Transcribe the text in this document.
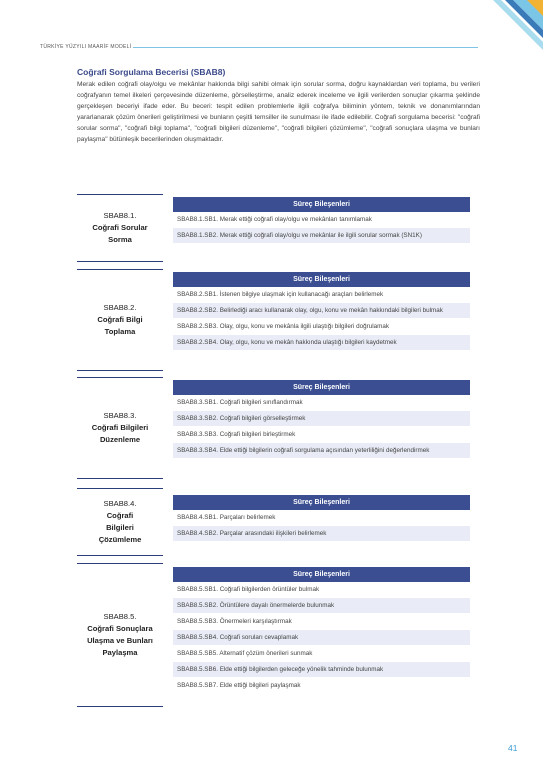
TÜRKİYE YÜZYILI MAARİF MODELİ
Coğrafi Sorgulama Becerisi (SBAB8)
Merak edilen coğrafi olay/olgu ve mekânlar hakkında bilgi sahibi olmak için sorular sorma, doğru kaynaklardan veri toplama, bu verileri coğrafyanın temel ilkeleri çerçevesinde düzenleme, görselleştirme, analiz ederek inceleme ve ilgili verilerden sonuçlar çıkarma şeklinde gerçekleşen beceriyi ifade eder. Bu beceri: tespit edilen problemlerle ilgili coğrafya biliminin yöntem, teknik ve donanımlarından yararlanarak çözüm önerileri geliştirilmesi ve bunların çeşitli temsiller ile sunulması ile ifade edilebilir. Coğrafi sorgulama becerisi: "coğrafi sorular sorma", "coğrafi bilgi toplama", "coğrafi bilgileri düzenleme", "coğrafi bilgileri çözümleme", "coğrafi sonuçlara ulaşma ve bunları paylaşma" bütünleşik becerilerinden oluşmaktadır.
SBAB8.1.
Coğrafi Sorular Sorma
Süreç Bileşenleri
SBAB8.1.SB1. Merak ettiği coğrafi olay/olgu ve mekânları tanımlamak
SBAB8.1.SB2. Merak ettiği coğrafi olay/olgu ve mekânlar ile ilgili sorular sormak (SN1K)
SBAB8.2.
Coğrafi Bilgi Toplama
Süreç Bileşenleri
SBAB8.2.SB1. İstenen bilgiye ulaşmak için kullanacağı araçları belirlemek
SBAB8.2.SB2. Belirlediği aracı kullanarak olay, olgu, konu ve mekân hakkındaki bilgileri bulmak
SBAB8.2.SB3. Olay, olgu, konu ve mekânla ilgili ulaştığı bilgileri doğrulamak
SBAB8.2.SB4. Olay, olgu, konu ve mekân hakkında ulaştığı bilgileri kaydetmek
SBAB8.3.
Coğrafi Bilgileri Düzenleme
Süreç Bileşenleri
SBAB8.3.SB1. Coğrafi bilgileri sınıflandırmak
SBAB8.3.SB2. Coğrafi bilgileri görselleştirmek
SBAB8.3.SB3. Coğrafi bilgileri birleştirmek
SBAB8.3.SB4. Elde ettiği bilgilerin coğrafi sorgulama açısından yeterliliğini değerlendirmek
SBAB8.4.
Coğrafi Bilgileri Çözümleme
Süreç Bileşenleri
SBAB8.4.SB1. Parçaları belirlemek
SBAB8.4.SB2. Parçalar arasındaki ilişkileri belirlemek
SBAB8.5.
Coğrafi Sonuçlara Ulaşma ve Bunları Paylaşma
Süreç Bileşenleri
SBAB8.5.SB1. Coğrafi bilgilerden örüntüler bulmak
SBAB8.5.SB2. Örüntülere dayalı önermelerde bulunmak
SBAB8.5.SB3. Önermeleri karşılaştırmak
SBAB8.5.SB4. Coğrafi soruları cevaplamak
SBAB8.5.SB5. Alternatif çözüm önerileri sunmak
SBAB8.5.SB6. Elde ettiği bilgilerden geleceğe yönelik tahminde bulunmak
SBAB8.5.SB7. Elde ettiği bilgileri paylaşmak
41
